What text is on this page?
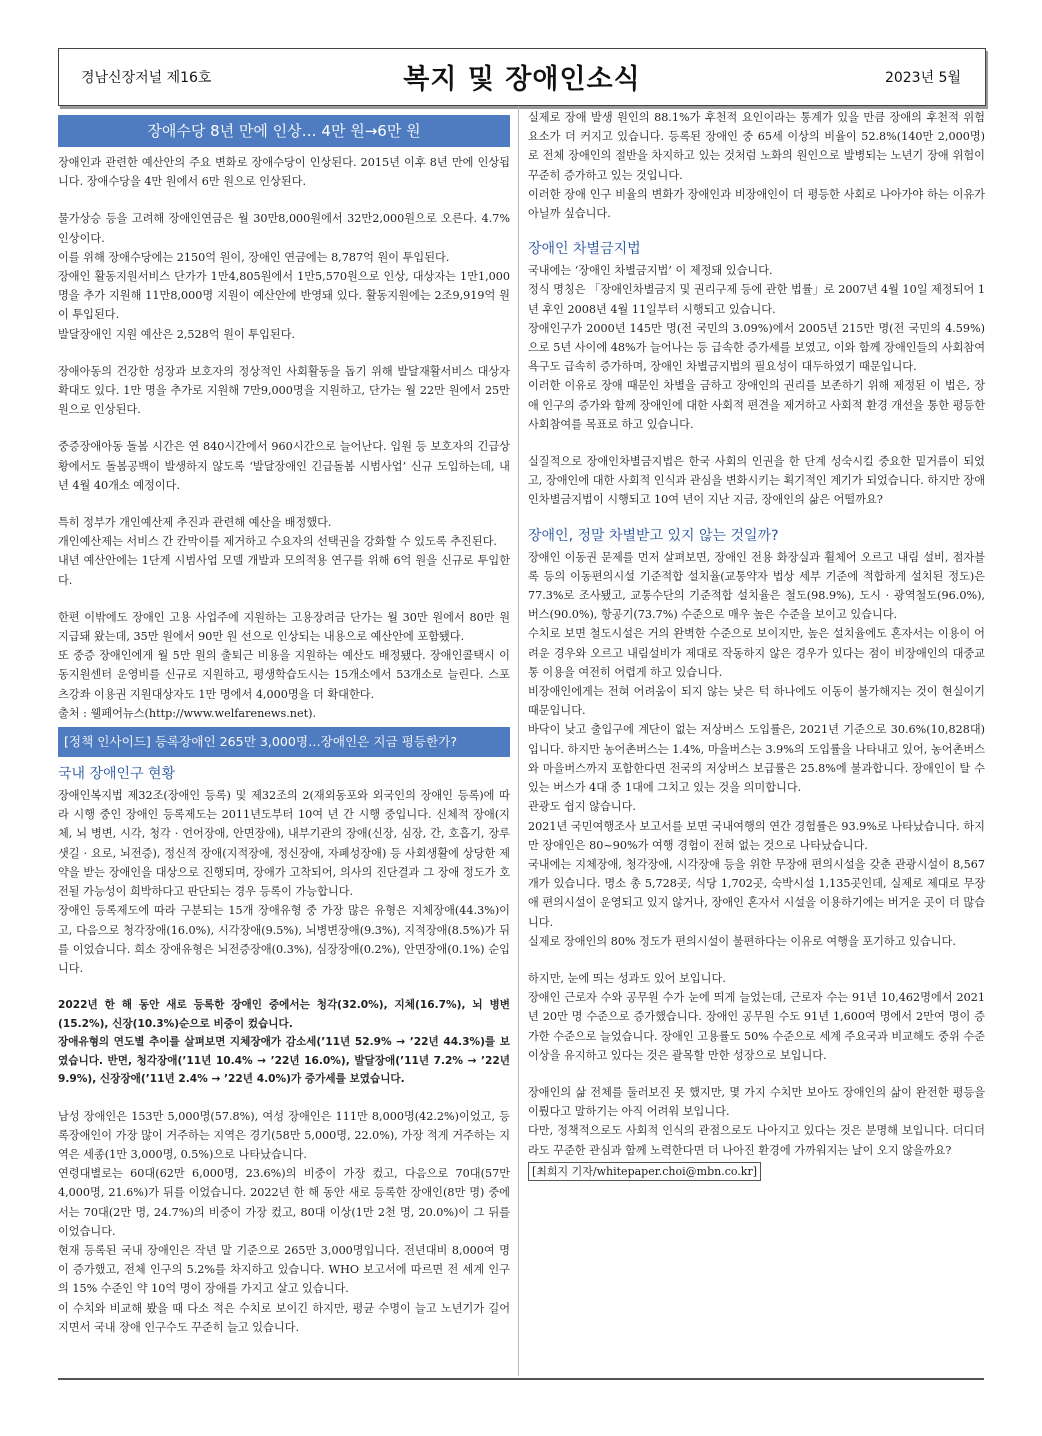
경남신장저널 제16호	복지 및 장애인소식	2023년 5월
장애수당 8년 만에 인상… 4만 원→6만 원

장애인과 관련한 예산안의 주요 변화로 장애수당이 인상된다. 2015년 이후 8년 만에 인상됩니다. 장애수당을 4만 원에서 6만 원으로 인상된다.

물가상승 등을 고려해 장애인연금은 월 30만8,000원에서 32만2,000원으로 오른다. 4.7% 인상이다.

이를 위해 장애수당에는 2150억 원이, 장애인 연금에는 8,787억 원이 투입된다.

장애인 활동지원서비스 단가가 1만4,805원에서 1만5,570원으로 인상, 대상자는 1만1,000명을 추가 지원해 11만8,000명 지원이 예산안에 반영돼 있다. 활동지원에는 2조9,919억 원이 투입된다.

발달장애인 지원 예산은 2,528억 원이 투입된다.

장애아동의 건강한 성장과 보호자의 정상적인 사회활동을 돕기 위해 발달재활서비스 대상자 확대도 있다. 1만 명을 추가로 지원해 7만9,000명을 지원하고, 단가는 월 22만 원에서 25만 원으로 인상된다.

중증장애아동 돌봄 시간은 연 840시간에서 960시간으로 늘어난다. 입원 등 보호자의 긴급상황에서도 돌봄공백이 발생하지 않도록 ‘발달장애인 긴급돌봄 시범사업’ 신규 도입하는데, 내년 4월 40개소 예정이다.

특히 정부가 개인예산제 추진과 관련해 예산을 배정했다.

개인예산제는 서비스 간 칸막이를 제거하고 수요자의 선택권을 강화할 수 있도록 추진된다.

내년 예산안에는 1단계 시범사업 모델 개발과 모의적용 연구를 위해 6억 원을 신규로 투입한다.

한편 이밖에도 장애인 고용 사업주에 지원하는 고용장려금 단가는 월 30만 원에서 80만 원 지급돼 왔는데, 35만 원에서 90만 원 선으로 인상되는 내용으로 예산안에 포함됐다.

또 중증 장애인에게 월 5만 원의 출퇴근 비용을 지원하는 예산도 배정됐다. 장애인콜택시 이동지원센터 운영비를 신규로 지원하고, 평생학습도시는 15개소에서 53개소로 늘린다. 스포츠강좌 이용권 지원대상자도 1만 명에서 4,000명을 더 확대한다.

출처 : 웰페어뉴스(http://www.welfarenews.net).

[정책 인사이드] 등록장애인 265만 3,000명…장애인은 지금 평등한가?
국내 장애인구 현황

장애인복지법 제32조(장애인 등록) 및 제32조의 2(재외동포와 외국인의 장애인 등록)에 따라 시행 중인 장애인 등록제도는 2011년도부터 10여 년 간 시행 중입니다. 신체적 장애(지체, 뇌 병변, 시각, 청각 · 언어장애, 안면장애), 내부기관의 장애(신장, 심장, 간, 호흡기, 장루 샛길 · 요로, 뇌전증), 정신적 장애(지적장애, 정신장애, 자폐성장애) 등 사회생활에 상당한 제약을 받는 장애인을 대상으로 진행되며, 장애가 고착되어, 의사의 진단결과 그 장애 정도가 호전될 가능성이 희박하다고 판단되는 경우 등록이 가능합니다.

장애인 등록제도에 따라 구분되는 15개 장애유형 중 가장 많은 유형은 지체장애(44.3%)이고, 다음으로 청각장애(16.0%), 시각장애(9.5%), 뇌병변장애(9.3%), 지적장애(8.5%)가 뒤를 이었습니다. 희소 장애유형은 뇌전증장애(0.3%), 심장장애(0.2%), 안면장애(0.1%) 순입니다.

2022년 한 해 동안 새로 등록한 장애인 중에서는 청각(32.0%), 지체(16.7%), 뇌 병변(15.2%), 신장(10.3%)순으로 비중이 컸습니다.

장애유형의 연도별 추이를 살펴보면 지체장애가 감소세(’11년 52.9% → ’22년 44.3%)를 보였습니다. 반면, 청각장애(’11년 10.4% → ’22년 16.0%), 발달장애(’11년 7.2% → ’22년 9.9%), 신장장애(’11년 2.4% → ’22년 4.0%)가 증가세를 보였습니다.

남성 장애인은 153만 5,000명(57.8%), 여성 장애인은 111만 8,000명(42.2%)이었고, 등록장애인이 가장 많이 거주하는 지역은 경기(58만 5,000명, 22.0%), 가장 적게 거주하는 지역은 세종(1만 3,000명, 0.5%)으로 나타났습니다.

연령대별로는 60대(62만 6,000명, 23.6%)의 비중이 가장 컸고, 다음으로 70대(57만 4,000명, 21.6%)가 뒤를 이었습니다. 2022년 한 해 동안 새로 등록한 장애인(8만 명) 중에서는 70대(2만 명, 24.7%)의 비중이 가장 컸고, 80대 이상(1만 2천 명, 20.0%)이 그 뒤를 이었습니다.

현재 등록된 국내 장애인은 작년 말 기준으로 265만 3,000명입니다. 전년대비 8,000여 명이 증가했고, 전체 인구의 5.2%를 차지하고 있습니다. WHO 보고서에 따르면 전 세계 인구의 15% 수준인 약 10억 명이 장애를 가지고 살고 있습니다.

이 수치와 비교해 봤을 때 다소 적은 수치로 보이긴 하지만, 평균 수명이 늘고 노년기가 길어지면서 국내 장애 인구수도 꾸준히 늘고 있습니다.

실제로 장애 발생 원인의 88.1%가 후천적 요인이라는 통계가 있을 만큼 장애의 후천적 위험 요소가 더 커지고 있습니다. 등록된 장애인 중 65세 이상의 비율이 52.8%(140만 2,000명)로 전체 장애인의 절반을 차지하고 있는 것처럼 노화의 원인으로 발병되는 노년기 장애 위험이 꾸준히 증가하고 있는 것입니다.

이러한 장애 인구 비율의 변화가 장애인과 비장애인이 더 평등한 사회로 나아가야 하는 이유가 아닐까 싶습니다.

장애인 차별금지법

국내에는 ‘장애인 차별금지법’ 이 제정돼 있습니다.

정식 명칭은 「장애인차별금지 및 권리구제 등에 관한 법률」로 2007년 4월 10일 제정되어 1년 후인 2008년 4월 11일부터 시행되고 있습니다.

장애인구가 2000년 145만 명(전 국민의 3.09%)에서 2005년 215만 명(전 국민의 4.59%)으로 5년 사이에 48%가 늘어나는 등 급속한 증가세를 보였고, 이와 함께 장애인들의 사회참여 욕구도 급속히 증가하며, 장애인 차별금지법의 필요성이 대두하였기 때문입니다.

이러한 이유로 장애 때문인 차별을 금하고 장애인의 권리를 보존하기 위해 제정된 이 법은, 장애 인구의 증가와 함께 장애인에 대한 사회적 편견을 제거하고 사회적 환경 개선을 통한 평등한 사회참여를 목표로 하고 있습니다.

실질적으로 장애인차별금지법은 한국 사회의 인권을 한 단계 성숙시킬 중요한 밑거름이 되었고, 장애인에 대한 사회적 인식과 관심을 변화시키는 획기적인 계기가 되었습니다. 하지만 장애인차별금지법이 시행되고 10여 년이 지난 지금, 장애인의 삶은 어떨까요?

장애인, 정말 차별받고 있지 않는 것일까?

장애인 이동권 문제를 먼저 살펴보면, 장애인 전용 화장실과 휠체어 오르고 내림 설비, 점자블록 등의 이동편의시설 기준적합 설치율(교통약자 법상 세부 기준에 적합하게 설치된 정도)은 77.3%로 조사됐고, 교통수단의 기준적합 설치율은 철도(98.9%), 도시 · 광역철도(96.0%), 버스(90.0%), 항공기(73.7%) 수준으로 매우 높은 수준을 보이고 있습니다.

수치로 보면 철도시설은 거의 완벽한 수준으로 보이지만, 높은 설치율에도 혼자서는 이용이 어려운 경우와 오르고 내림설비가 제대로 작동하지 않은 경우가 있다는 점이 비장애인의 대중교통 이용을 여전히 어렵게 하고 있습니다.

비장애인에게는 전혀 어려움이 되지 않는 낮은 턱 하나에도 이동이 불가해지는 것이 현실이기 때문입니다.

바닥이 낮고 출입구에 계단이 없는 저상버스 도입률은, 2021년 기준으로 30.6%(10,828대)입니다. 하지만 농어촌버스는 1.4%, 마을버스는 3.9%의 도입률을 나타내고 있어, 농어촌버스와 마을버스까지 포함한다면 전국의 저상버스 보급률은 25.8%에 불과합니다. 장애인이 탈 수 있는 버스가 4대 중 1대에 그치고 있는 것을 의미합니다.

관광도 쉽지 않습니다.

2021년 국민여행조사 보고서를 보면 국내여행의 연간 경험률은 93.9%로 나타났습니다. 하지만 장애인은 80~90%가 여행 경험이 전혀 없는 것으로 나타났습니다.

국내에는 지체장애, 청각장애, 시각장애 등을 위한 무장애 편의시설을 갖춘 관광시설이 8,567개가 있습니다. 명소 총 5,728곳, 식당 1,702곳, 숙박시설 1,135곳인데, 실제로 제대로 무장애 편의시설이 운영되고 있지 않거나, 장애인 혼자서 시설을 이용하기에는 버거운 곳이 더 많습니다.

실제로 장애인의 80% 정도가 편의시설이 불편하다는 이유로 여행을 포기하고 있습니다.

하지만, 눈에 띄는 성과도 있어 보입니다.

장애인 근로자 수와 공무원 수가 눈에 띄게 늘었는데, 근로자 수는 91년 10,462명에서 2021년 20만 명 수준으로 증가했습니다. 장애인 공무원 수도 91년 1,600여 명에서 2만여 명이 증가한 수준으로 늘었습니다. 장애인 고용률도 50% 수준으로 세계 주요국과 비교해도 중위 수준 이상을 유지하고 있다는 것은 괄목할 만한 성장으로 보입니다.

장애인의 삶 전체를 둘러보진 못 했지만, 몇 가지 수치만 보아도 장애인의 삶이 완전한 평등을 이뤘다고 말하기는 아직 어려워 보입니다.

다만, 정책적으로도 사회적 인식의 관점으로도 나아지고 있다는 것은 분명해 보입니다. 더디더라도 꾸준한 관심과 함께 노력한다면 더 나아진 환경에 가까워지는 날이 오지 않을까요?

[최희지 기자/whitepaper.choi@mbn.co.kr]
